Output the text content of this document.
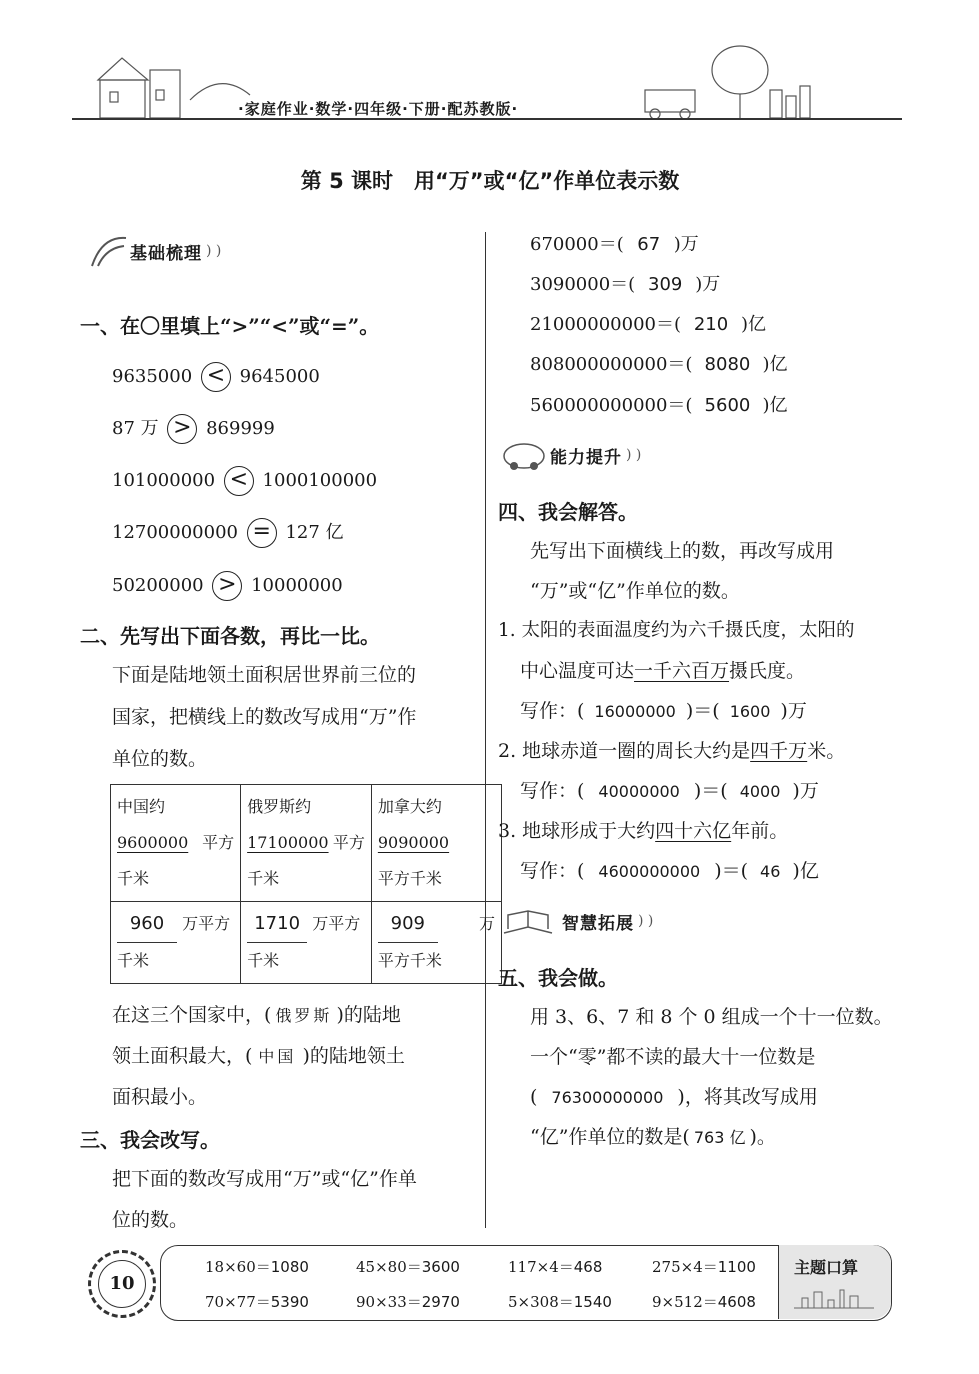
·家庭作业·数学·四年级·下册·配苏教版·
第 5 课时　用“万”或“亿”作单位表示数
基础梳理 ) )
一、在〇里填上“>”“<”或“=”。
9635000 < 9645000
87 万 > 869999
101000000 < 1000100000
12700000000 = 127 亿
50200000 > 10000000
二、先写出下面各数，再比一比。
下面是陆地领土面积居世界前三位的
国家，把横线上的数改写成用“万”作
单位的数。
中国约
9600000 平方

千米	俄罗斯约
17100000 平方

千米	加拿大约
9090000
平方千米
960 万平方
千米	1710 万平方
千米	909 万

平方千米
在这三个国家中，( 俄罗斯 )的陆地
领土面积最大，( 中国 )的陆地领土
面积最小。
三、我会改写。
把下面的数改写成用“万”或“亿”作单
位的数。
670000＝( 67 )万
3090000＝( 309 )万
21000000000＝( 210 )亿
808000000000＝( 8080 )亿
560000000000＝( 5600 )亿
能力提升 ) )
四、我会解答。
先写出下面横线上的数，再改写成用
“万”或“亿”作单位的数。
1. 太阳的表面温度约为六千摄氏度，太阳的
中心温度可达一千六百万摄氏度。
写作：( 16000000 )＝( 1600 )万
2. 地球赤道一圈的周长大约是四千万米。
写作：( 40000000 )＝( 4000 )万
3. 地球形成于大约四十六亿年前。
写作：( 4600000000 )＝( 46 )亿
智慧拓展 ) )
五、我会做。
用 3、6、7 和 8 个 0 组成一个十一位数。
一个“零”都不读的最大十一位数是
( 76300000000 )，将其改写成用
“亿”作单位的数是( 763 亿 )。
主题口算
10
18×60＝1080	45×80＝3600	117×4＝468	275×4＝1100
70×77＝5390	90×33＝2970	5×308＝1540	9×512＝4608
